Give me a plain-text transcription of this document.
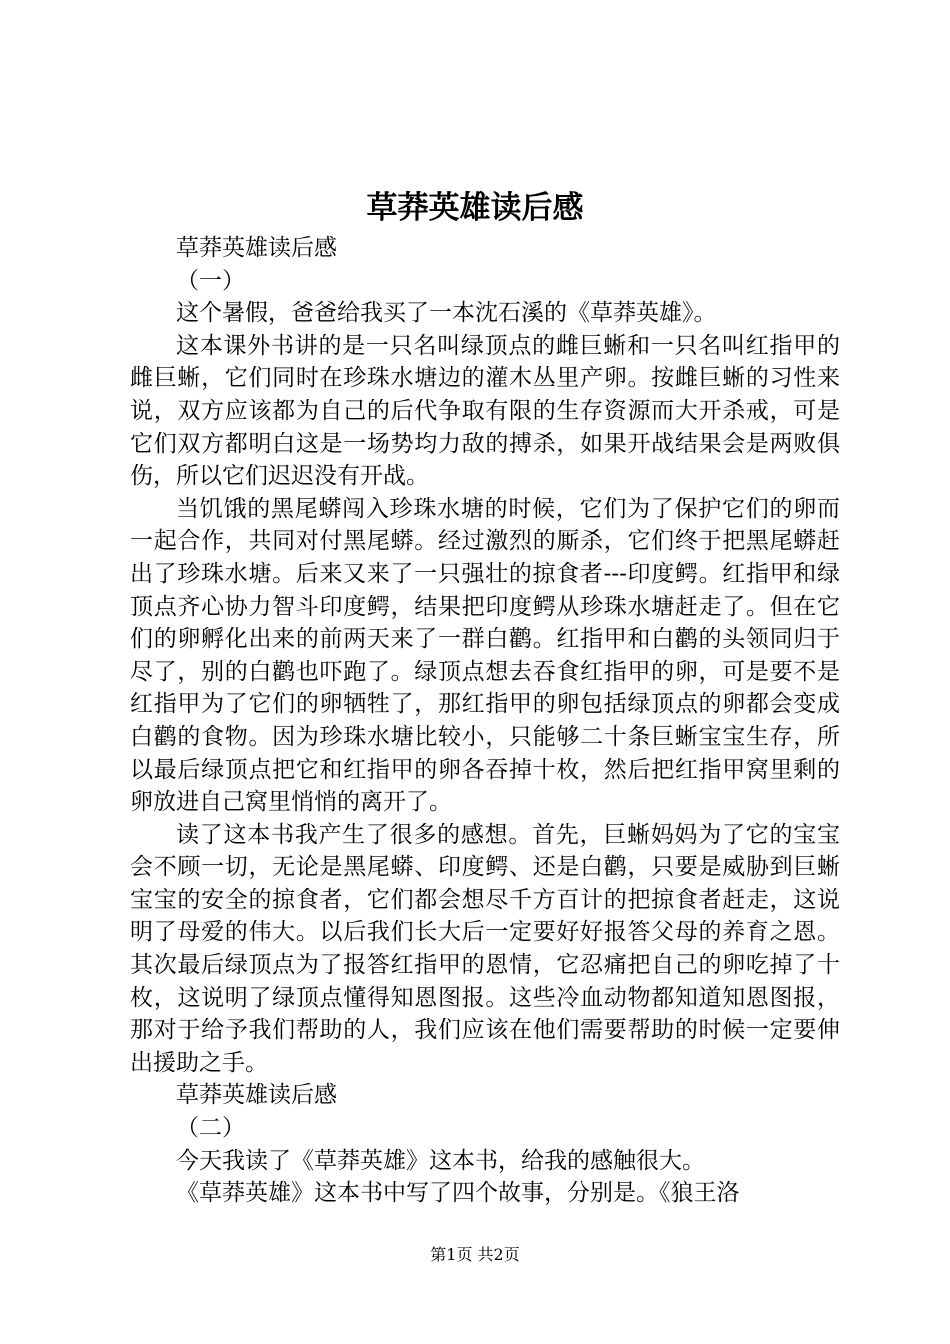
草莽英雄读后感

草莽英雄读后感

（一）

这个暑假，爸爸给我买了一本沈石溪的《草莽英雄》。

这本课外书讲的是一只名叫绿顶点的雌巨蜥和一只名叫红指甲的雌巨蜥，它们同时在珍珠水塘边的灌木丛里产卵。按雌巨蜥的习性来说，双方应该都为自己的后代争取有限的生存资源而大开杀戒，可是它们双方都明白这是一场势均力敌的搏杀，如果开战结果会是两败俱伤，所以它们迟迟没有开战。

当饥饿的黑尾蟒闯入珍珠水塘的时候，它们为了保护它们的卵而一起合作，共同对付黑尾蟒。经过激烈的厮杀，它们终于把黑尾蟒赶出了珍珠水塘。后来又来了一只强壮的掠食者---印度鳄。红指甲和绿顶点齐心协力智斗印度鳄，结果把印度鳄从珍珠水塘赶走了。但在它们的卵孵化出来的前两天来了一群白鹳。红指甲和白鹳的头领同归于尽了，别的白鹳也吓跑了。绿顶点想去吞食红指甲的卵，可是要不是红指甲为了它们的卵牺牲了，那红指甲的卵包括绿顶点的卵都会变成白鹳的食物。因为珍珠水塘比较小，只能够二十条巨蜥宝宝生存，所以最后绿顶点把它和红指甲的卵各吞掉十枚，然后把红指甲窝里剩的卵放进自己窝里悄悄的离开了。

读了这本书我产生了很多的感想。首先，巨蜥妈妈为了它的宝宝会不顾一切，无论是黑尾蟒、印度鳄、还是白鹳，只要是威胁到巨蜥宝宝的安全的掠食者，它们都会想尽千方百计的把掠食者赶走，这说明了母爱的伟大。以后我们长大后一定要好好报答父母的养育之恩。其次最后绿顶点为了报答红指甲的恩情，它忍痛把自己的卵吃掉了十枚，这说明了绿顶点懂得知恩图报。这些冷血动物都知道知恩图报，那对于给予我们帮助的人，我们应该在他们需要帮助的时候一定要伸出援助之手。

草莽英雄读后感

（二）

今天我读了《草莽英雄》这本书，给我的感触很大。

《草莽英雄》这本书中写了四个故事，分别是。《狼王洛

第1页 共2页
